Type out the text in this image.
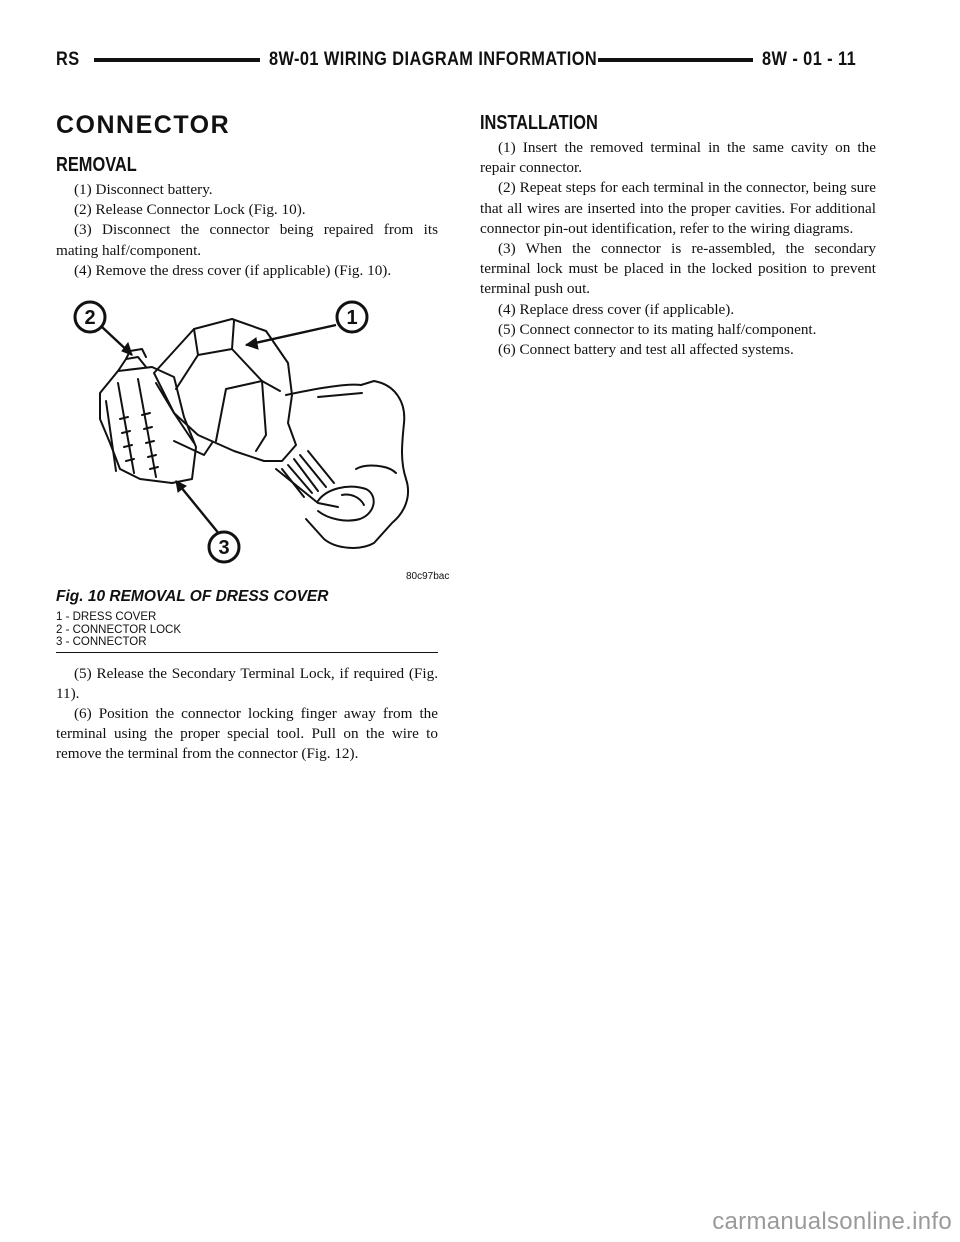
RS	8W-01 WIRING DIAGRAM INFORMATION	8W - 01 - 11
CONNECTOR
REMOVAL

(1) Disconnect battery.

(2) Release Connector Lock (Fig. 10).

(3) Disconnect the connector being repaired from its mating half/component.

(4) Remove the dress cover (if applicable) (Fig. 10).

1
2
3
80c97bac

Fig. 10 REMOVAL OF DRESS COVER

1 - DRESS COVER

2 - CONNECTOR LOCK

3 - CONNECTOR

(5) Release the Secondary Terminal Lock, if required (Fig. 11).

(6) Position the connector locking finger away from the terminal using the proper special tool. Pull on the wire to remove the terminal from the connector (Fig. 12).

INSTALLATION

(1) Insert the removed terminal in the same cavity on the repair connector.

(2) Repeat steps for each terminal in the connector, being sure that all wires are inserted into the proper cavities. For additional connector pin-out identification, refer to the wiring diagrams.

(3) When the connector is re-assembled, the secondary terminal lock must be placed in the locked position to prevent terminal push out.

(4) Replace dress cover (if applicable).

(5) Connect connector to its mating half/component.

(6) Connect battery and test all affected systems.

carmanualsonline.info
